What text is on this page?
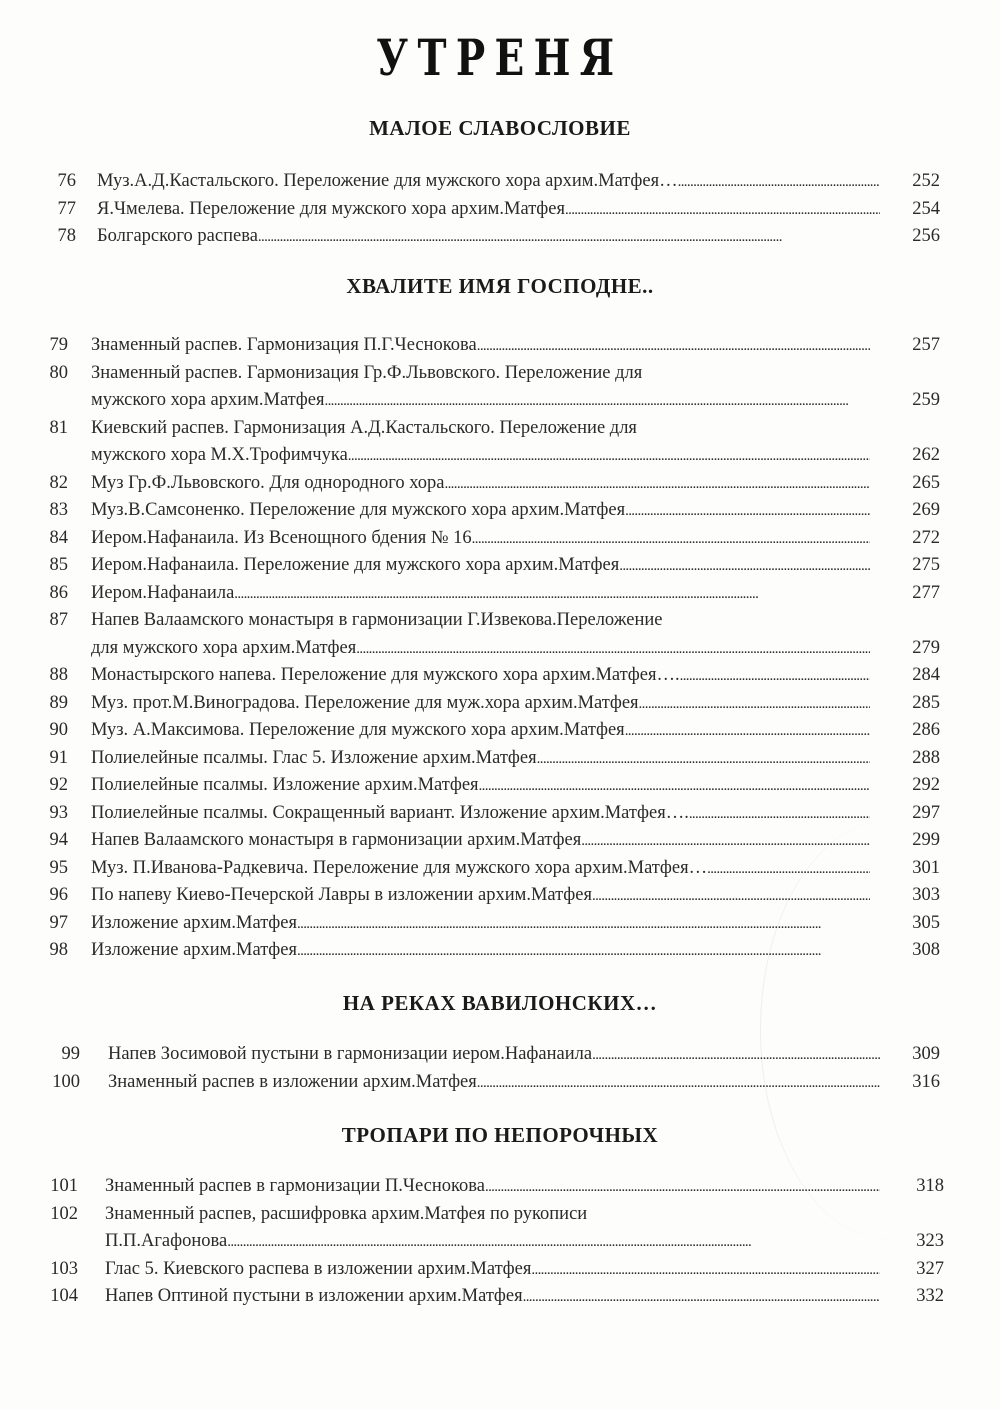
УТРЕНЯ
МАЛОЕ СЛАВОСЛОВИЕ
76 Муз.А.Д.Кастальского. Переложение для мужского хора архим.Матфея… . . .	252
77 Я.Чмелева. Переложение для мужского хора архим.Матфея . . .	254
78 Болгарского распева . . .	256
ХВАЛИТЕ ИМЯ ГОСПОДНЕ..
79 Знаменный распев. Гармонизация П.Г.Чеснокова . . .	257
80 Знаменный распев. Гармонизация Гр.Ф.Львовского. Переложение для
мужского хора архим.Матфея . . .	259
81 Киевский распев. Гармонизация А.Д.Кастальского. Переложение для
мужского хора М.Х.Трофимчука . . .	262
82 Муз Гр.Ф.Львовского. Для однородного хора . . .	265
83 Муз.В.Самсоненко. Переложение для мужского хора архим.Матфея . . .	269
84 Иером.Нафанаила. Из Всенощного бдения № 16 . . .	272
85 Иером.Нафанаила. Переложение для мужского хора архим.Матфея . . .	275
86 Иером.Нафанаила . . .	277
87 Напев Валаамского монастыря в гармонизации Г.Извекова.Переложение
для мужского хора архим.Матфея . . .	279
88 Монастырского напева. Переложение для мужского хора архим.Матфея…. . . .	284
89 Муз. прот.М.Виноградова. Переложение для муж.хора архим.Матфея . . .	285
90 Муз. А.Максимова. Переложение для мужского хора архим.Матфея . . .	286
91 Полиелейные псалмы. Глас 5. Изложение архим.Матфея . . .	288
92 Полиелейные псалмы. Изложение архим.Матфея . . .	292
93 Полиелейные псалмы. Сокращенный вариант. Изложение архим.Матфея…. . . .	297
94 Напев Валаамского монастыря в гармонизации архим.Матфея . . .	299
95 Муз. П.Иванова-Радкевича. Переложение для мужского хора архим.Матфея… . . .	301
96 По напеву Киево-Печерской Лавры в изложении архим.Матфея . . .	303
97 Изложение архим.Матфея . . .	305
98 Изложение архим.Матфея . . .	308
НА РЕКАХ ВАВИЛОНСКИХ…
99 Напев Зосимовой пустыни в гармонизации иером.Нафанаила . . .	309
100 Знаменный распев в изложении архим.Матфея . . .	316
ТРОПАРИ ПО НЕПОРОЧНЫХ
101 Знаменный распев в гармонизации П.Чеснокова . . .	318
102 Знаменный распев, расшифровка архим.Матфея по рукописи
П.П.Агафонова . . .	323
103 Глас 5. Киевского распева в изложении архим.Матфея . . .	327
104 Напев Оптиной пустыни в изложении архим.Матфея . . .	332
